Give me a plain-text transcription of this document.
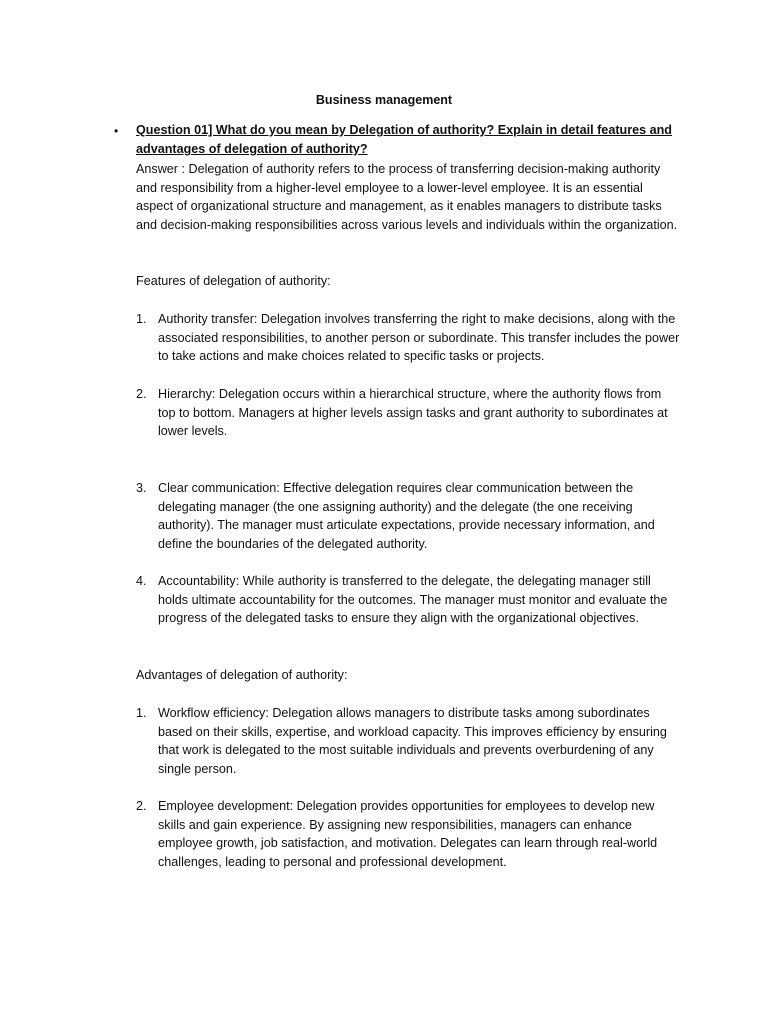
Business management
• Question 01] What do you mean by Delegation of authority? Explain in detail features and advantages of delegation of authority?

Answer : Delegation of authority refers to the process of transferring decision-making authority and responsibility from a higher-level employee to a lower-level employee. It is an essential aspect of organizational structure and management, as it enables managers to distribute tasks and decision-making responsibilities across various levels and individuals within the organization.

Features of delegation of authority:

1. Authority transfer: Delegation involves transferring the right to make decisions, along with the associated responsibilities, to another person or subordinate. This transfer includes the power to take actions and make choices related to specific tasks or projects.
2. Hierarchy: Delegation occurs within a hierarchical structure, where the authority flows from top to bottom. Managers at higher levels assign tasks and grant authority to subordinates at lower levels.
3. Clear communication: Effective delegation requires clear communication between the delegating manager (the one assigning authority) and the delegate (the one receiving authority). The manager must articulate expectations, provide necessary information, and define the boundaries of the delegated authority.
4. Accountability: While authority is transferred to the delegate, the delegating manager still holds ultimate accountability for the outcomes. The manager must monitor and evaluate the progress of the delegated tasks to ensure they align with the organizational objectives.

Advantages of delegation of authority:

1. Workflow efficiency: Delegation allows managers to distribute tasks among subordinates based on their skills, expertise, and workload capacity. This improves efficiency by ensuring that work is delegated to the most suitable individuals and prevents overburdening of any single person.
2. Employee development: Delegation provides opportunities for employees to develop new skills and gain experience. By assigning new responsibilities, managers can enhance employee growth, job satisfaction, and motivation. Delegates can learn through real-world challenges, leading to personal and professional development.
